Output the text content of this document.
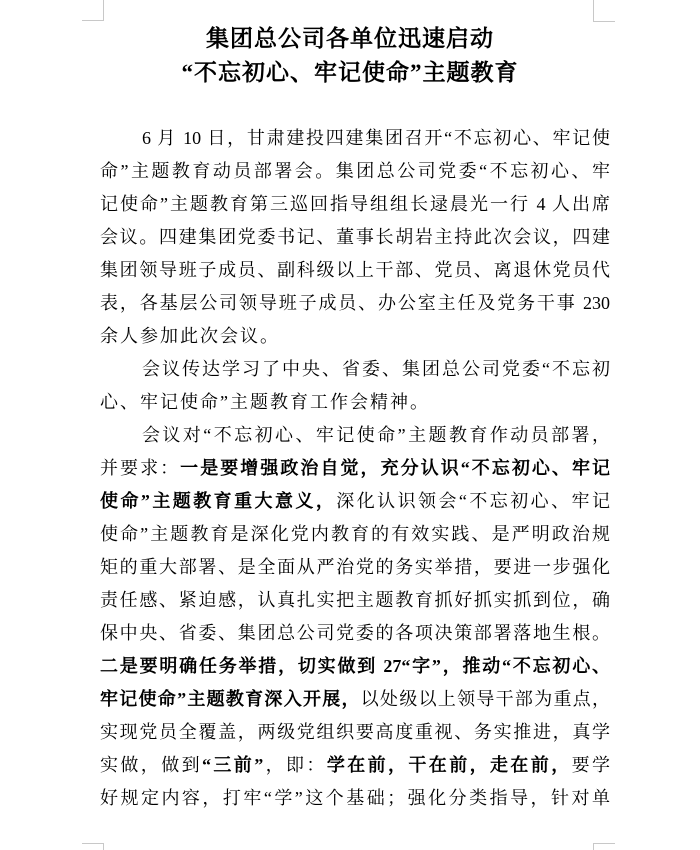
集团总公司各单位迅速启动
“不忘初心、牢记使命”主题教育
6 月 10 日，甘肃建投四建集团召开“不忘初心、牢记使
命”主题教育动员部署会。集团总公司党委“不忘初心、牢
记使命”主题教育第三巡回指导组组长逯晨光一行 4 人出席
会议。四建集团党委书记、董事长胡岩主持此次会议，四建
集团领导班子成员、副科级以上干部、党员、离退休党员代
表，各基层公司领导班子成员、办公室主任及党务干事 230
余人参加此次会议。
会议传达学习了中央、省委、集团总公司党委“不忘初
心、牢记使命”主题教育工作会精神。
会议对“不忘初心、牢记使命”主题教育作动员部署，
并要求：一是要增强政治自觉，充分认识“不忘初心、牢记
使命”主题教育重大意义，深化认识领会“不忘初心、牢记
使命”主题教育是深化党内教育的有效实践、是严明政治规
矩的重大部署、是全面从严治党的务实举措，要进一步强化
责任感、紧迫感，认真扎实把主题教育抓好抓实抓到位，确
保中央、省委、集团总公司党委的各项决策部署落地生根。
二是要明确任务举措，切实做到 27“字”，推动“不忘初心、
牢记使命”主题教育深入开展，以处级以上领导干部为重点，
实现党员全覆盖，两级党组织要高度重视、务实推进，真学
实做，做到“三前”，即：学在前，干在前，走在前，要学
好规定内容，打牢“学”这个基础；强化分类指导，针对单
